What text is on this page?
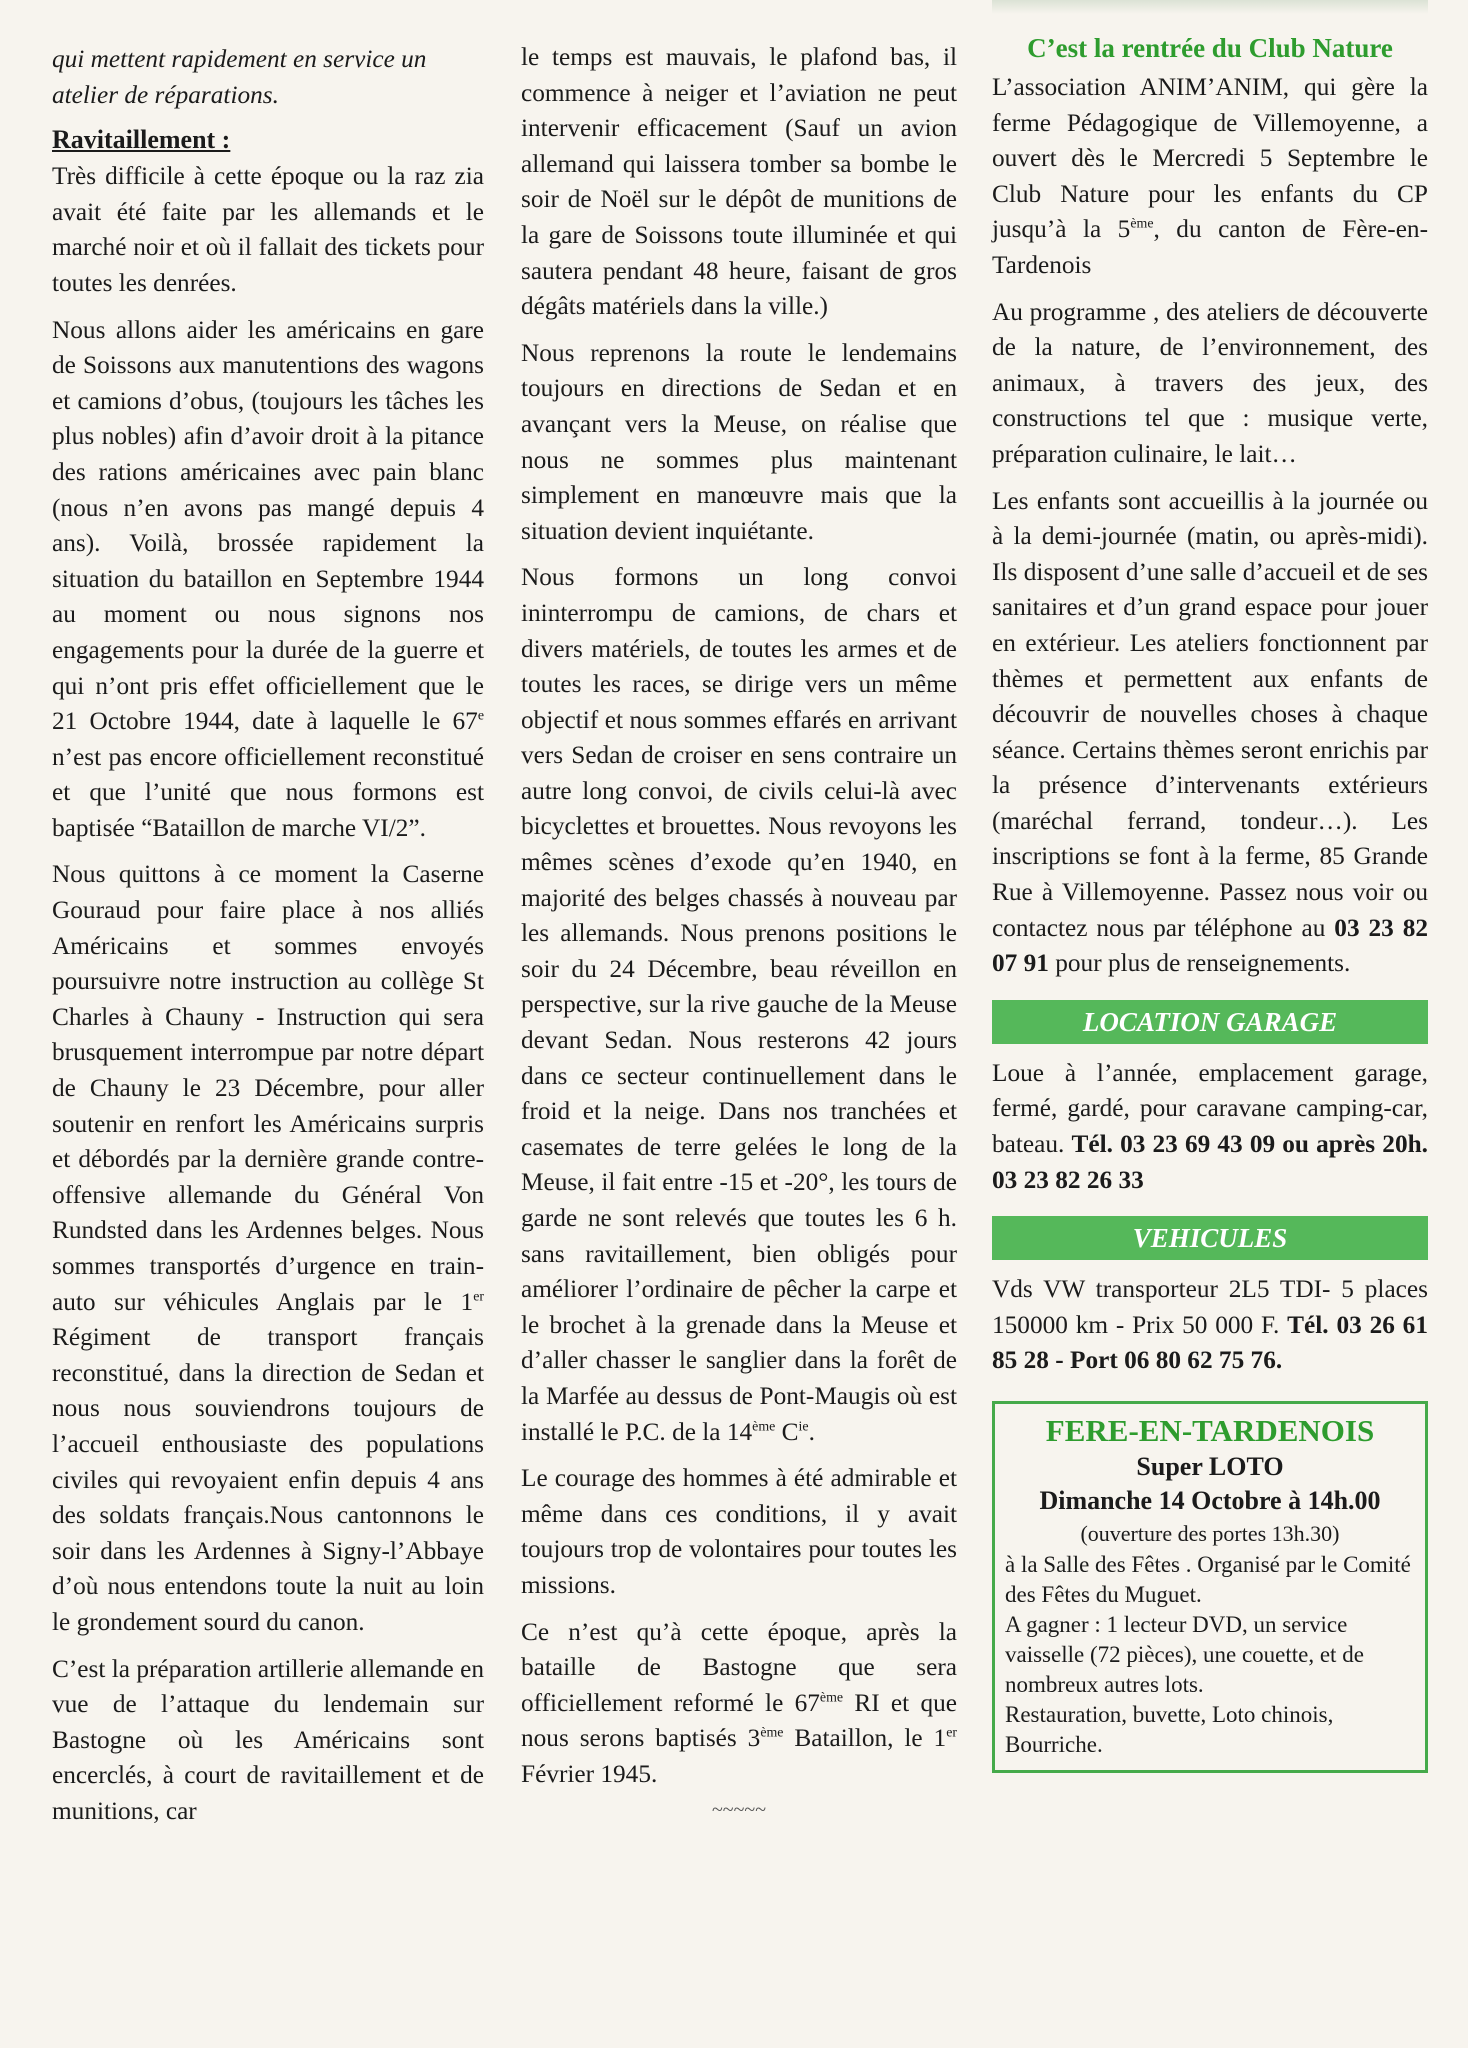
qui mettent rapidement en service un atelier de réparations.

Ravitaillement :

Très difficile à cette époque ou la raz zia avait été faite par les allemands et le marché noir et où il fallait des tickets pour toutes les denrées.

Nous allons aider les américains en gare de Soissons aux manutentions des wagons et camions d’obus, (toujours les tâches les plus nobles) afin d’avoir droit à la pitance des rations américaines avec pain blanc (nous n’en avons pas mangé depuis 4 ans). Voilà, brossée rapidement la situation du bataillon en Septembre 1944 au moment ou nous signons nos engagements pour la durée de la guerre et qui n’ont pris effet officiellement que le 21 Octobre 1944, date à laquelle le 67e n’est pas encore officiellement reconstitué et que l’unité que nous formons est baptisée “Bataillon de marche VI/2”.

Nous quittons à ce moment la Caserne Gouraud pour faire place à nos alliés Américains et sommes envoyés poursuivre notre instruction au collège St Charles à Chauny - Instruction qui sera brusquement interrompue par notre départ de Chauny le 23 Décembre, pour aller soutenir en renfort les Américains surpris et débordés par la dernière grande contre-offensive allemande du Général Von Rundsted dans les Ardennes belges. Nous sommes transportés d’urgence en train-auto sur véhicules Anglais par le 1er Régiment de transport français reconstitué, dans la direction de Sedan et nous nous souviendrons toujours de l’accueil enthousiaste des populations civiles qui revoyaient enfin depuis 4 ans des soldats français.Nous cantonnons le soir dans les Ardennes à Signy-l’Abbaye d’où nous entendons toute la nuit au loin le grondement sourd du canon.

C’est la préparation artillerie allemande en vue de l’attaque du lendemain sur Bastogne où les Américains sont encerclés, à court de ravitaillement et de munitions, car

le temps est mauvais, le plafond bas, il commence à neiger et l’aviation ne peut intervenir efficacement (Sauf un avion allemand qui laissera tomber sa bombe le soir de Noël sur le dépôt de munitions de la gare de Soissons toute illuminée et qui sautera pendant 48 heure, faisant de gros dégâts matériels dans la ville.)

Nous reprenons la route le lendemains toujours en directions de Sedan et en avançant vers la Meuse, on réalise que nous ne sommes plus maintenant simplement en manœuvre mais que la situation devient inquiétante.

Nous formons un long convoi ininterrompu de camions, de chars et divers matériels, de toutes les armes et de toutes les races, se dirige vers un même objectif et nous sommes effarés en arrivant vers Sedan de croiser en sens contraire un autre long convoi, de civils celui-là avec bicyclettes et brouettes. Nous revoyons les mêmes scènes d’exode qu’en 1940, en majorité des belges chassés à nouveau par les allemands. Nous prenons positions le soir du 24 Décembre, beau réveillon en perspective, sur la rive gauche de la Meuse devant Sedan. Nous resterons 42 jours dans ce secteur continuellement dans le froid et la neige. Dans nos tranchées et casemates de terre gelées le long de la Meuse, il fait entre -15 et -20°, les tours de garde ne sont relevés que toutes les 6 h. sans ravitaillement, bien obligés pour améliorer l’ordinaire de pêcher la carpe et le brochet à la grenade dans la Meuse et d’aller chasser le sanglier dans la forêt de la Marfée au dessus de Pont-Maugis où est installé le P.C. de la 14ème $C^{ie}$.

Le courage des hommes à été admirable et même dans ces conditions, il y avait toujours trop de volontaires pour toutes les missions.

Ce n’est qu’à cette époque, après la bataille de Bastogne que sera officiellement reformé le 67ème RI et que nous serons baptisés 3ème Bataillon, le 1er Février 1945.

~~~~~
C’est la rentrée du Club Nature

L’association ANIM’ANIM, qui gère la ferme Pédagogique de Villemoyenne, a ouvert dès le Mercredi 5 Septembre le Club Nature pour les enfants du CP jusqu’à la 5ème, du canton de Fère-en-Tardenois

Au programme , des ateliers de découverte de la nature, de l’environnement, des animaux, à travers des jeux, des constructions tel que : musique verte, préparation culinaire, le lait…

Les enfants sont accueillis à la journée ou à la demi-journée (matin, ou après-midi). Ils disposent d’une salle d’accueil et de ses sanitaires et d’un grand espace pour jouer en extérieur. Les ateliers fonctionnent par thèmes et permettent aux enfants de découvrir de nouvelles choses à chaque séance. Certains thèmes seront enrichis par la présence d’intervenants extérieurs (maréchal ferrand, tondeur…). Les inscriptions se font à la ferme, 85 Grande Rue à Villemoyenne. Passez nous voir ou contactez nous par téléphone au 03 23 82 07 91 pour plus de renseignements.

LOCATION GARAGE

Loue à l’année, emplacement garage, fermé, gardé, pour caravane camping-car, bateau. Tél. 03 23 69 43 09 ou après 20h. 03 23 82 26 33

VEHICULES

Vds VW transporteur 2L5 TDI- 5 places 150000 km - Prix 50 000 F. Tél. 03 26 61 85 28 - Port 06 80 62 75 76.

FERE-EN-TARDENOIS
Super LOTO
Dimanche 14 Octobre à 14h.00
(ouverture des portes 13h.30)
à la Salle des Fêtes . Organisé par le Comité des Fêtes du Muguet.
A gagner : 1 lecteur DVD, un service vaisselle (72 pièces), une couette, et de nombreux autres lots.
Restauration, buvette, Loto chinois, Bourriche.
